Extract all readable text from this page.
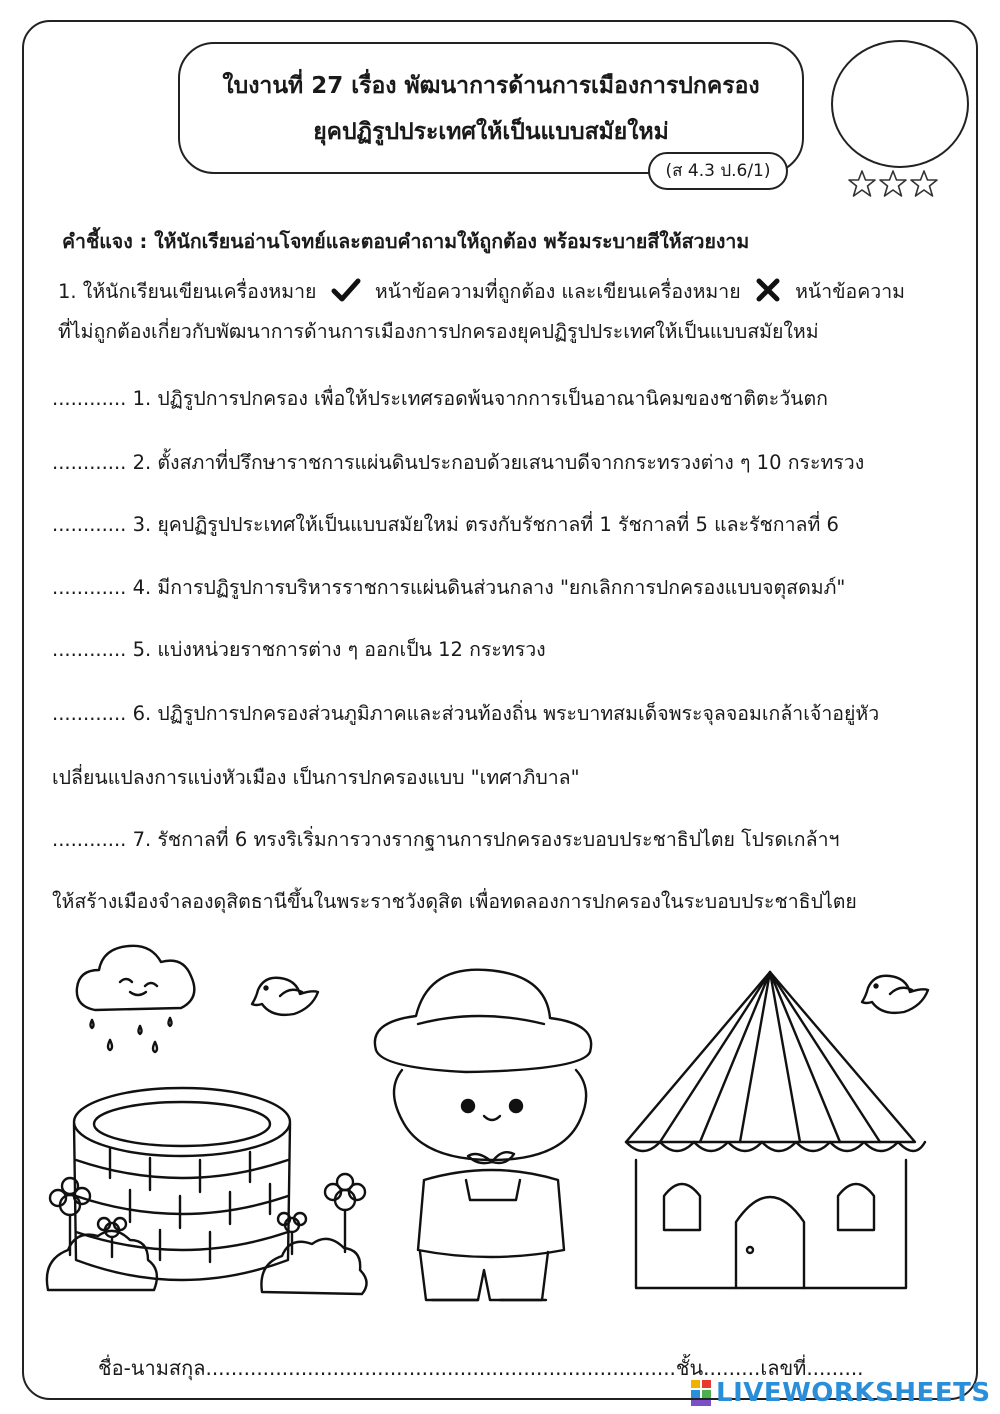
ใบงานที่ 27 เรื่อง พัฒนาการด้านการเมืองการปกครอง
ยุคปฏิรูปประเทศให้เป็นแบบสมัยใหม่
(ส 4.3 ป.6/1)
คำชี้แจง : ให้นักเรียนอ่านโจทย์และตอบคำถามให้ถูกต้อง พร้อมระบายสีให้สวยงาม
1. ให้นักเรียนเขียนเครื่องหมาย	หน้าข้อความที่ถูกต้อง และเขียนเครื่องหมาย	หน้าข้อความ
ที่ไม่ถูกต้องเกี่ยวกับพัฒนาการด้านการเมืองการปกครองยุคปฏิรูปประเทศให้เป็นแบบสมัยใหม่
............ 1. ปฏิรูปการปกครอง เพื่อให้ประเทศรอดพ้นจากการเป็นอาณานิคมของชาติตะวันตก
............ 2. ตั้งสภาที่ปรึกษาราชการแผ่นดินประกอบด้วยเสนาบดีจากกระทรวงต่าง ๆ 10 กระทรวง
............ 3. ยุคปฏิรูปประเทศให้เป็นแบบสมัยใหม่ ตรงกับรัชกาลที่ 1 รัชกาลที่ 5 และรัชกาลที่ 6
............ 4. มีการปฏิรูปการบริหารราชการแผ่นดินส่วนกลาง "ยกเลิกการปกครองแบบจตุสดมภ์"
............ 5. แบ่งหน่วยราชการต่าง ๆ ออกเป็น 12 กระทรวง
............ 6. ปฏิรูปการปกครองส่วนภูมิภาคและส่วนท้องถิ่น พระบาทสมเด็จพระจุลจอมเกล้าเจ้าอยู่หัว
เปลี่ยนแปลงการแบ่งหัวเมือง เป็นการปกครองแบบ "เทศาภิบาล"
............ 7. รัชกาลที่ 6 ทรงริเริ่มการวางรากฐานการปกครองระบอบประชาธิปไตย โปรดเกล้าฯ
ให้สร้างเมืองจำลองดุสิตธานีขึ้นในพระราชวังดุสิต เพื่อทดลองการปกครองในระบอบประชาธิปไตย
ชื่อ-นามสกุล..........................................................................ชั้น.........เลขที่.........
LIVEWORKSHEETS
